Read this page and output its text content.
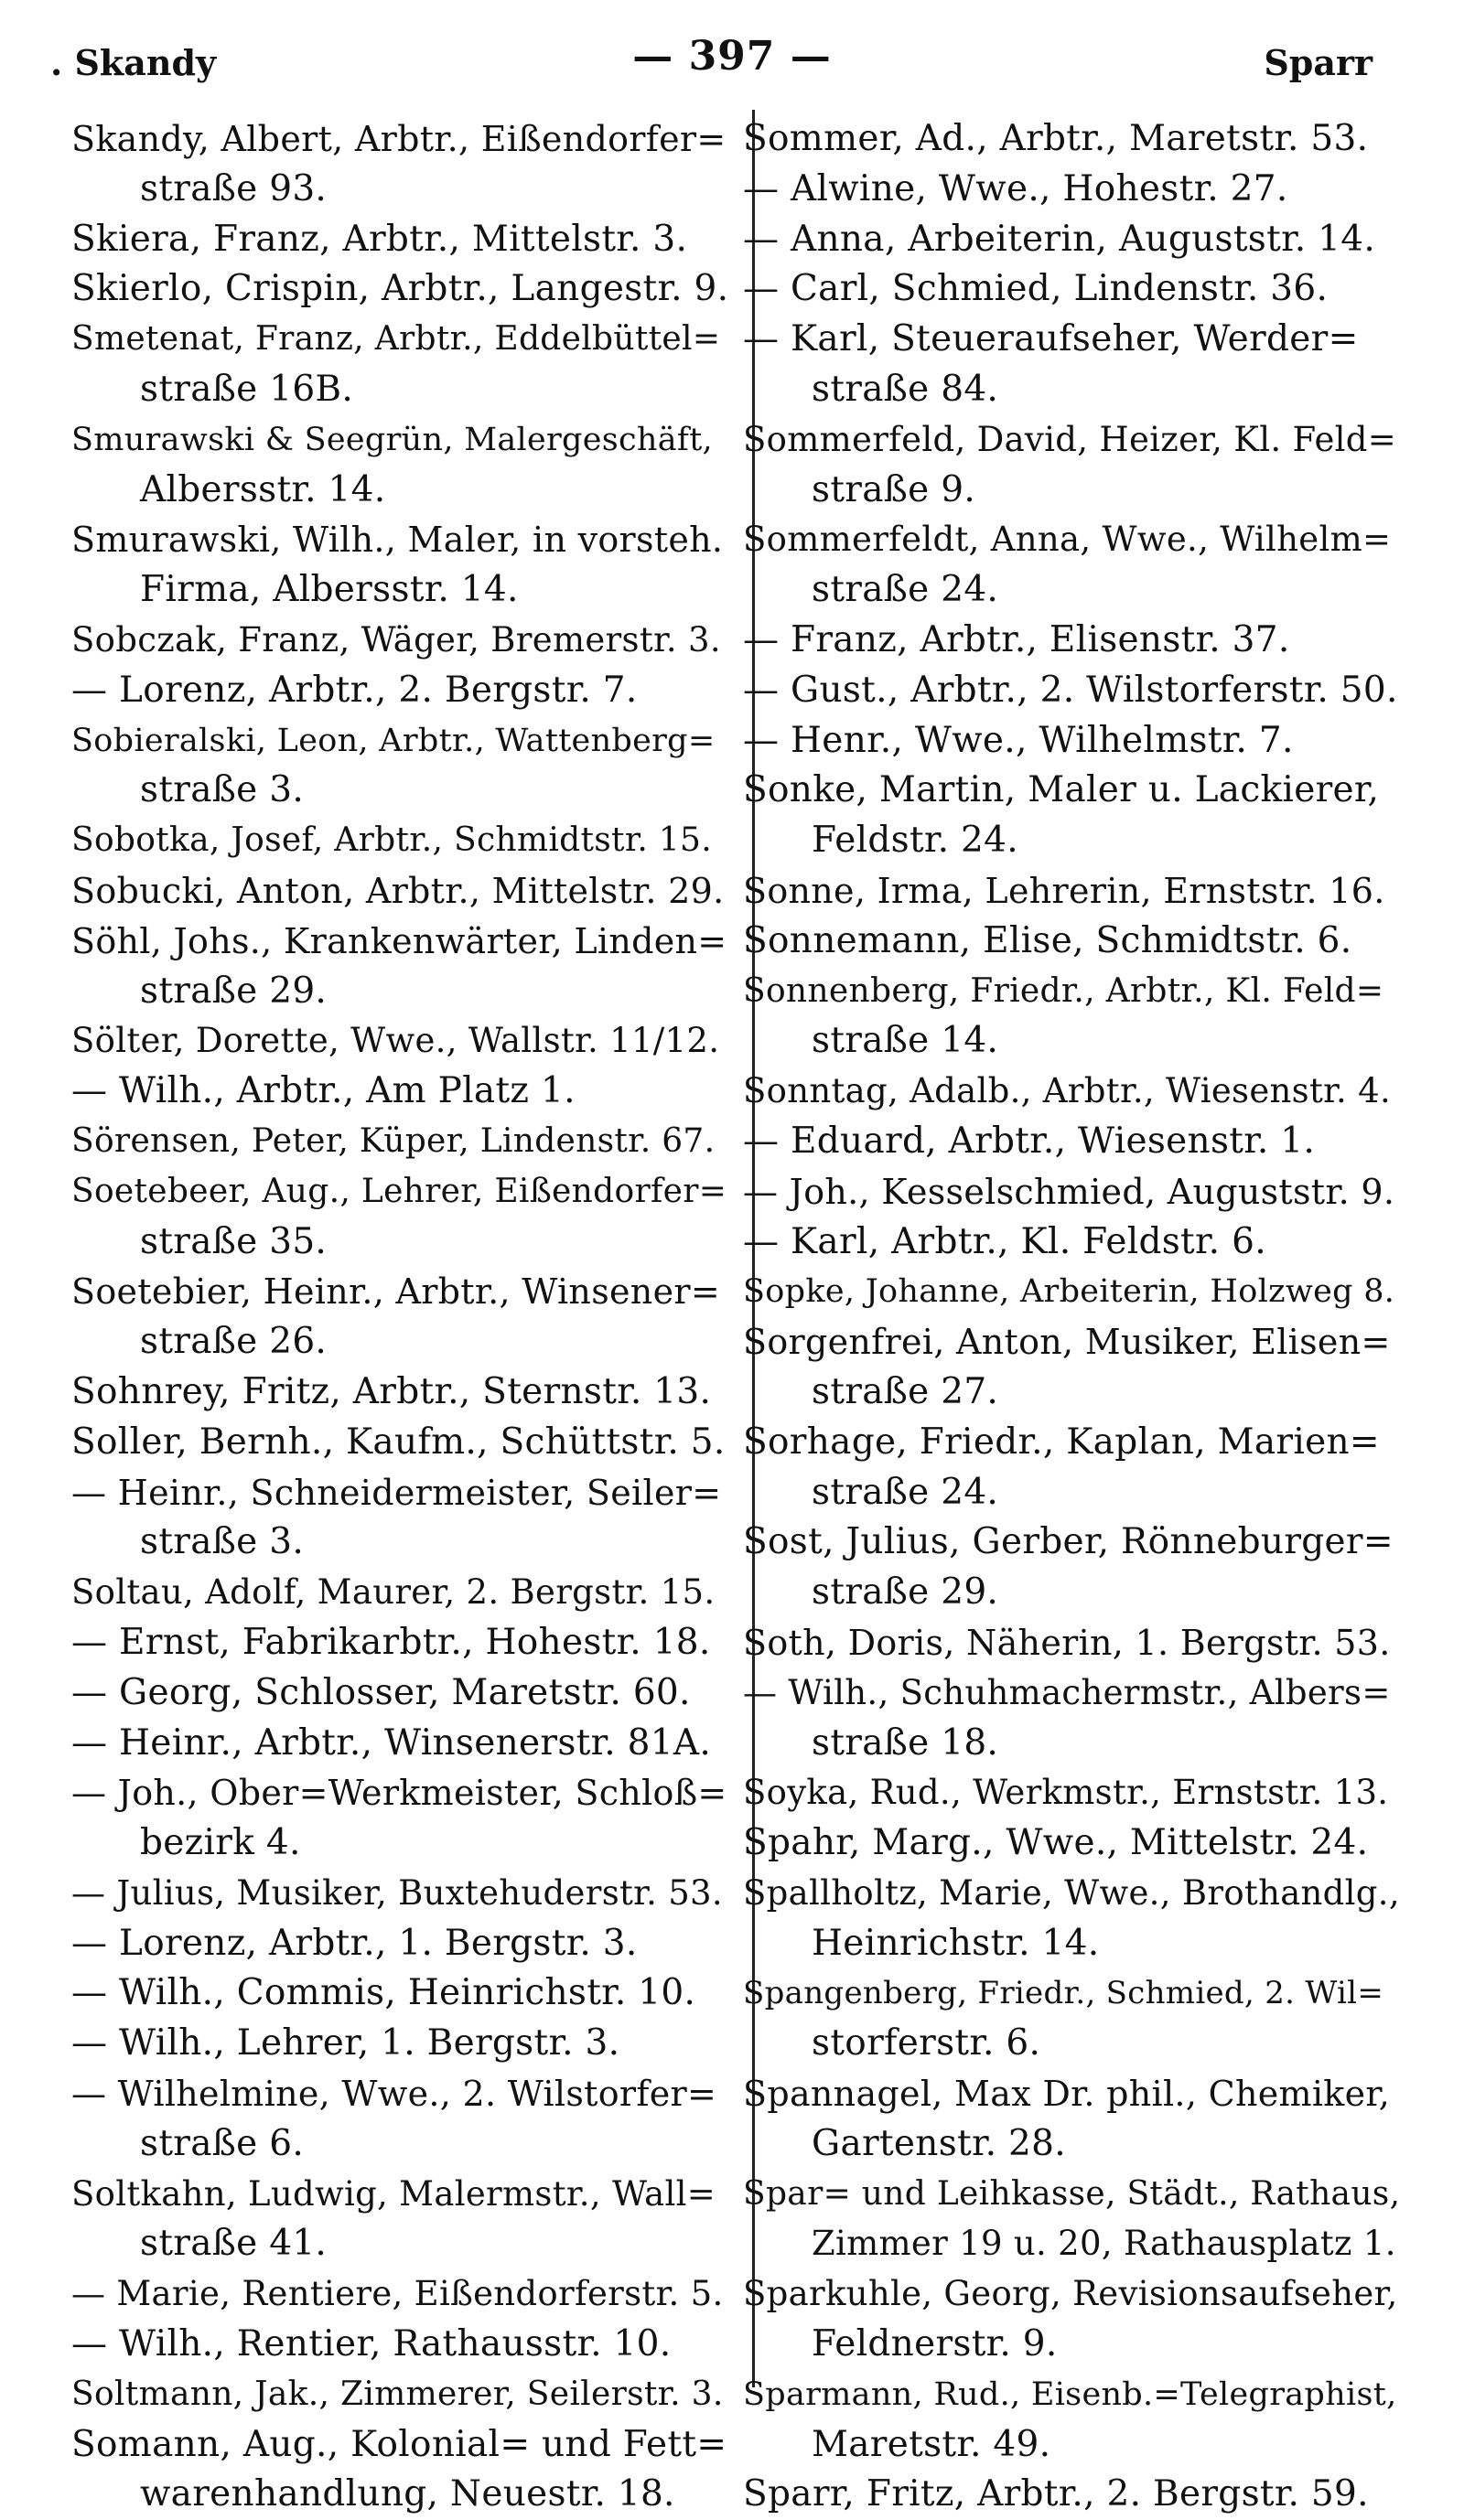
. Skandy	— 397 —	Sparr

Skandy, Albert, Arbtr., Eißendorfer=
straße 93.

Skiera, Franz, Arbtr., Mittelstr. 3.

Skierlo, Crispin, Arbtr., Langestr. 9.

Smetenat, Franz, Arbtr., Eddelbüttel=
straße 16B.

Smurawski & Seegrün, Malergeschäft,
Albersstr. 14.

Smurawski, Wilh., Maler, in vorsteh.
Firma, Albersstr. 14.

Sobczak, Franz, Wäger, Bremerstr. 3.

— Lorenz, Arbtr., 2. Bergstr. 7.

Sobieralski, Leon, Arbtr., Wattenberg=
straße 3.

Sobotka, Josef, Arbtr., Schmidtstr. 15.

Sobucki, Anton, Arbtr., Mittelstr. 29.

Söhl, Johs., Krankenwärter, Linden=
straße 29.

Sölter, Dorette, Wwe., Wallstr. 11/12.

— Wilh., Arbtr., Am Platz 1.

Sörensen, Peter, Küper, Lindenstr. 67.

Soetebeer, Aug., Lehrer, Eißendorfer=
straße 35.

Soetebier, Heinr., Arbtr., Winsener=
straße 26.

Sohnrey, Fritz, Arbtr., Sternstr. 13.

Soller, Bernh., Kaufm., Schüttstr. 5.

— Heinr., Schneidermeister, Seiler=
straße 3.

Soltau, Adolf, Maurer, 2. Bergstr. 15.

— Ernst, Fabrikarbtr., Hohestr. 18.

— Georg, Schlosser, Maretstr. 60.

— Heinr., Arbtr., Winsenerstr. 81A.

— Joh., Ober=Werkmeister, Schloß=
bezirk 4.

— Julius, Musiker, Buxtehuderstr. 53.

— Lorenz, Arbtr., 1. Bergstr. 3.

— Wilh., Commis, Heinrichstr. 10.

— Wilh., Lehrer, 1. Bergstr. 3.

— Wilhelmine, Wwe., 2. Wilstorfer=
straße 6.

Soltkahn, Ludwig, Malermstr., Wall=
straße 41.

— Marie, Rentiere, Eißendorferstr. 5.

— Wilh., Rentier, Rathausstr. 10.

Soltmann, Jak., Zimmerer, Seilerstr. 3.

Somann, Aug., Kolonial= und Fett=
warenhandlung, Neuestr. 18.

Sommer, Ad., Arbtr., Maretstr. 53.

— Alwine, Wwe., Hohestr. 27.

— Anna, Arbeiterin, Auguststr. 14.

— Carl, Schmied, Lindenstr. 36.

— Karl, Steueraufseher, Werder=
straße 84.

Sommerfeld, David, Heizer, Kl. Feld=
straße 9.

Sommerfeldt, Anna, Wwe., Wilhelm=
straße 24.

— Franz, Arbtr., Elisenstr. 37.

— Gust., Arbtr., 2. Wilstorferstr. 50.

— Henr., Wwe., Wilhelmstr. 7.

Sonke, Martin, Maler u. Lackierer,
Feldstr. 24.

Sonne, Irma, Lehrerin, Ernststr. 16.

Sonnemann, Elise, Schmidtstr. 6.

Sonnenberg, Friedr., Arbtr., Kl. Feld=
straße 14.

Sonntag, Adalb., Arbtr., Wiesenstr. 4.

— Eduard, Arbtr., Wiesenstr. 1.

— Joh., Kesselschmied, Auguststr. 9.

— Karl, Arbtr., Kl. Feldstr. 6.

Sopke, Johanne, Arbeiterin, Holzweg 8.

Sorgenfrei, Anton, Musiker, Elisen=
straße 27.

Sorhage, Friedr., Kaplan, Marien=
straße 24.

Sost, Julius, Gerber, Rönneburger=
straße 29.

Soth, Doris, Näherin, 1. Bergstr. 53.

— Wilh., Schuhmachermstr., Albers=
straße 18.

Soyka, Rud., Werkmstr., Ernststr. 13.

Spahr, Marg., Wwe., Mittelstr. 24.

Spallholtz, Marie, Wwe., Brothandlg.,
Heinrichstr. 14.

Spangenberg, Friedr., Schmied, 2. Wil=
storferstr. 6.

Spannagel, Max Dr. phil., Chemiker,
Gartenstr. 28.

Spar= und Leihkasse, Städt., Rathaus,
Zimmer 19 u. 20, Rathausplatz 1.

Sparkuhle, Georg, Revisionsaufseher,
Feldnerstr. 9.

Sparmann, Rud., Eisenb.=Telegraphist,
Maretstr. 49.

Sparr, Fritz, Arbtr., 2. Bergstr. 59.
